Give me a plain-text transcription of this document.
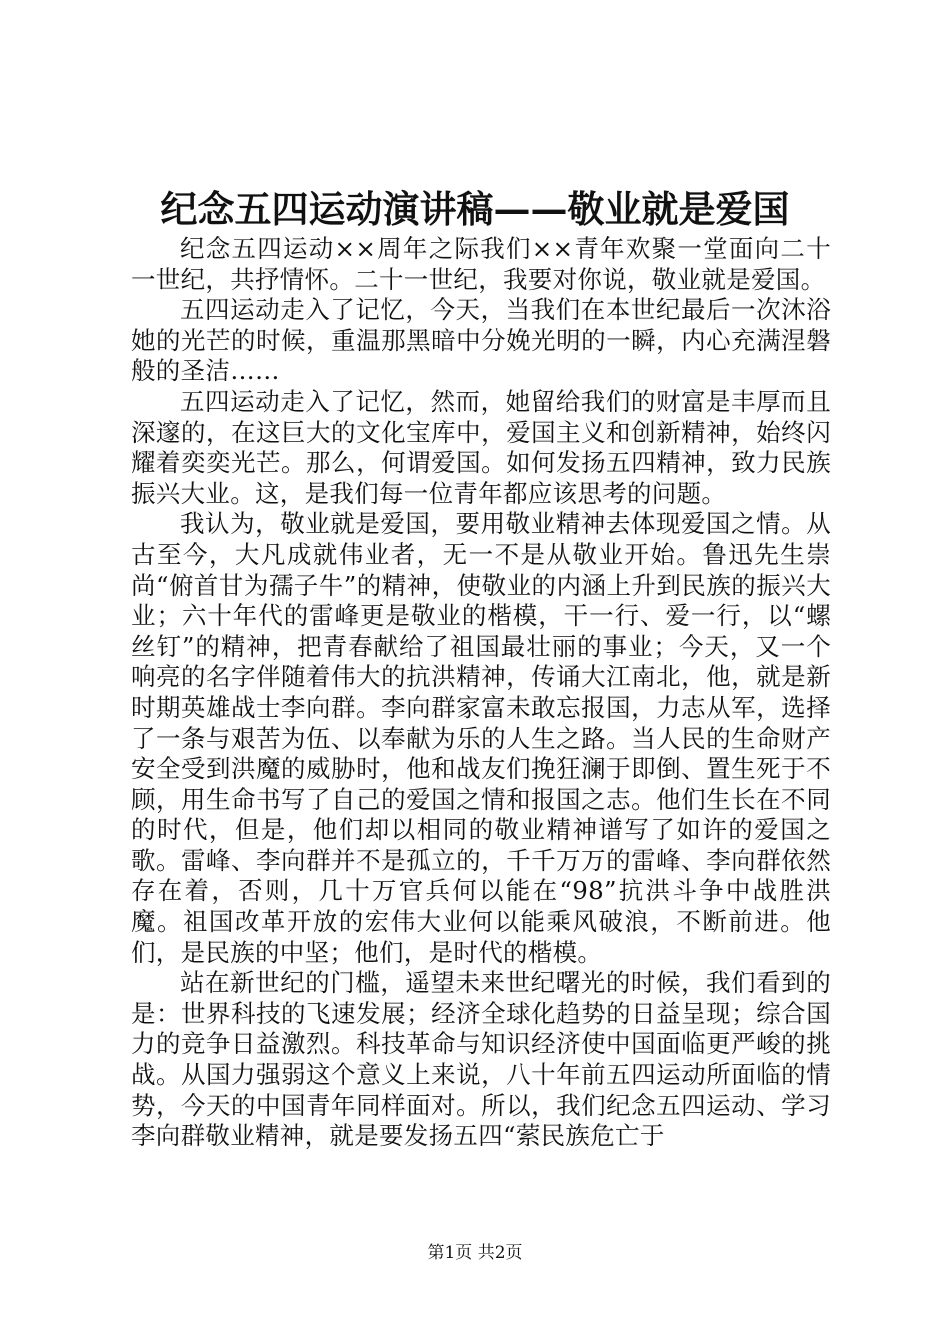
纪念五四运动演讲稿——敬业就是爱国

纪念五四运动××周年之际我们××青年欢聚一堂面向二十一世纪，共抒情怀。二十一世纪，我要对你说，敬业就是爱国。

五四运动走入了记忆，今天，当我们在本世纪最后一次沐浴她的光芒的时候，重温那黑暗中分娩光明的一瞬，内心充满涅磐般的圣洁……

五四运动走入了记忆，然而，她留给我们的财富是丰厚而且深邃的，在这巨大的文化宝库中，爱国主义和创新精神，始终闪耀着奕奕光芒。那么，何谓爱国。如何发扬五四精神，致力民族振兴大业。这，是我们每一位青年都应该思考的问题。

我认为，敬业就是爱国，要用敬业精神去体现爱国之情。从古至今，大凡成就伟业者，无一不是从敬业开始。鲁迅先生崇尚“俯首甘为孺子牛”的精神，使敬业的内涵上升到民族的振兴大业；六十年代的雷峰更是敬业的楷模，干一行、爱一行，以“螺丝钉”的精神，把青春献给了祖国最壮丽的事业；今天，又一个响亮的名字伴随着伟大的抗洪精神，传诵大江南北，他，就是新时期英雄战士李向群。李向群家富未敢忘报国，力志从军，选择了一条与艰苦为伍、以奉献为乐的人生之路。当人民的生命财产安全受到洪魔的威胁时，他和战友们挽狂澜于即倒、置生死于不顾，用生命书写了自己的爱国之情和报国之志。他们生长在不同的时代，但是，他们却以相同的敬业精神谱写了如许的爱国之歌。雷峰、李向群并不是孤立的，千千万万的雷峰、李向群依然存在着，否则，几十万官兵何以能在“98”抗洪斗争中战胜洪魔。祖国改革开放的宏伟大业何以能乘风破浪，不断前进。他们，是民族的中坚；他们，是时代的楷模。

站在新世纪的门槛，遥望未来世纪曙光的时候，我们看到的是：世界科技的飞速发展；经济全球化趋势的日益呈现；综合国力的竞争日益激烈。科技革命与知识经济使中国面临更严峻的挑战。从国力强弱这个意义上来说，八十年前五四运动所面临的情势，今天的中国青年同样面对。所以，我们纪念五四运动、学习李向群敬业精神，就是要发扬五四“萦民族危亡于

第1页 共2页
